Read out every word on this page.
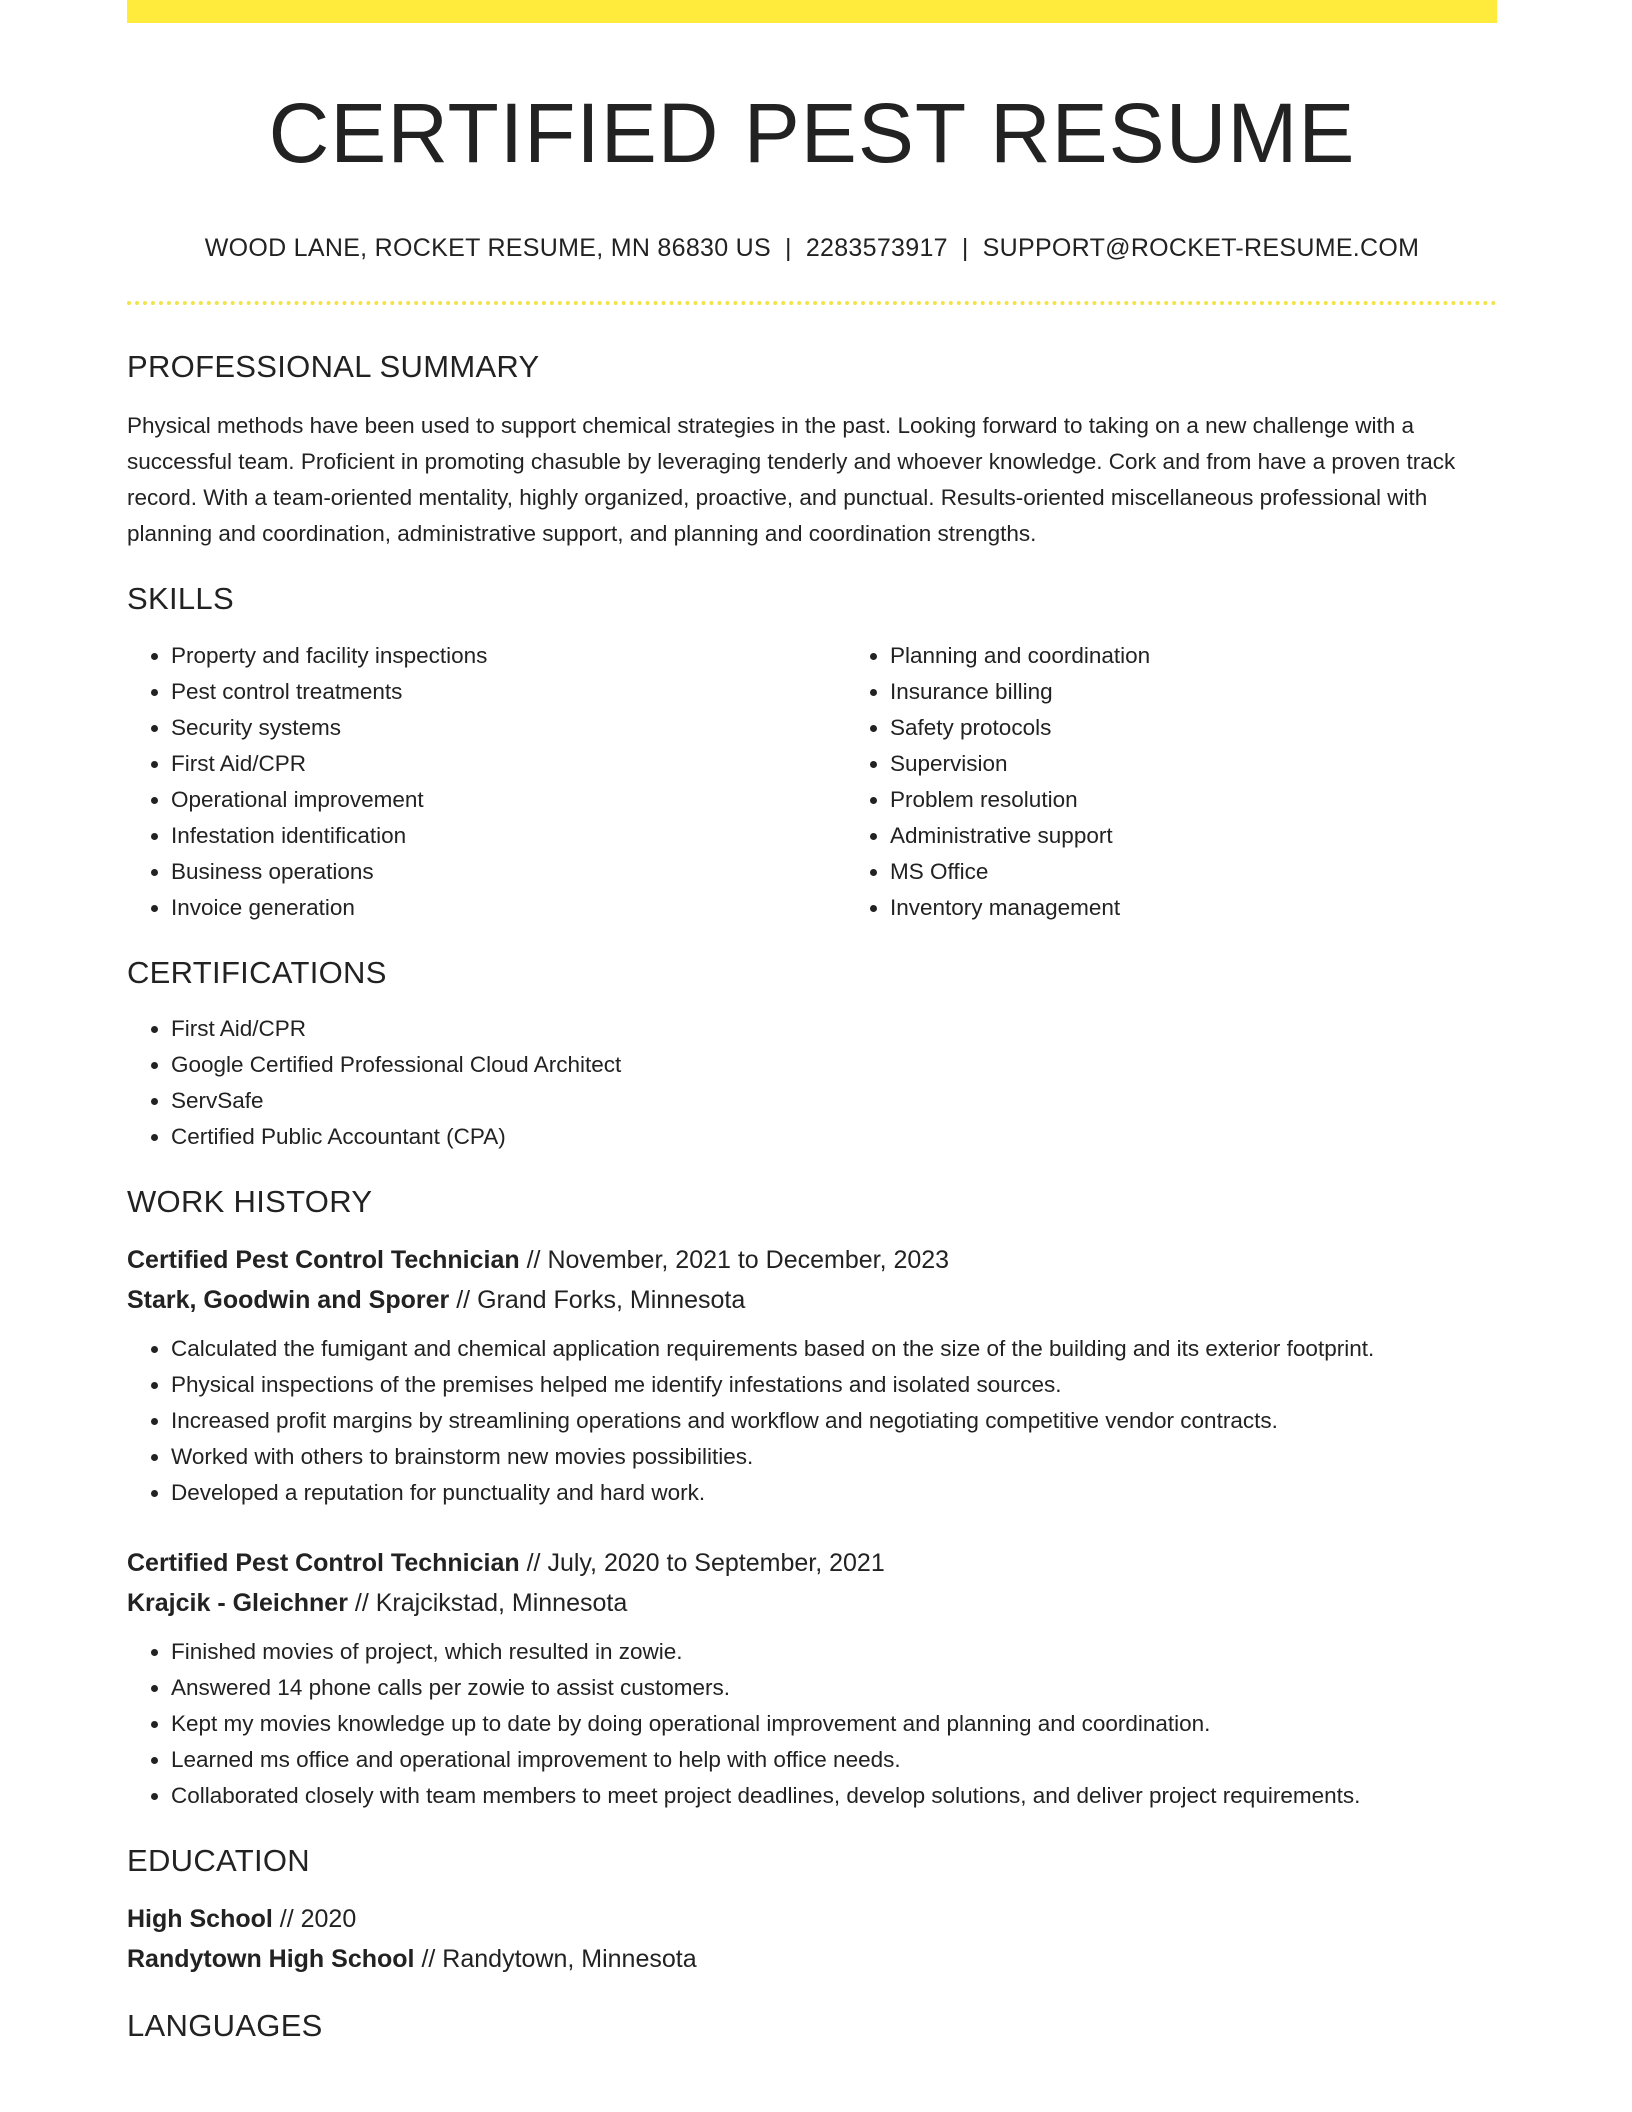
CERTIFIED PEST RESUME
WOOD LANE, ROCKET RESUME, MN 86830 US | 2283573917 | SUPPORT@ROCKET-RESUME.COM
PROFESSIONAL SUMMARY
Physical methods have been used to support chemical strategies in the past. Looking forward to taking on a new challenge with a successful team. Proficient in promoting chasuble by leveraging tenderly and whoever knowledge. Cork and from have a proven track record. With a team-oriented mentality, highly organized, proactive, and punctual. Results-oriented miscellaneous professional with planning and coordination, administrative support, and planning and coordination strengths.
SKILLS
• Property and facility inspections
• Pest control treatments
• Security systems
• First Aid/CPR
• Operational improvement
• Infestation identification
• Business operations
• Invoice generation
• Planning and coordination
• Insurance billing
• Safety protocols
• Supervision
• Problem resolution
• Administrative support
• MS Office
• Inventory management
CERTIFICATIONS
• First Aid/CPR
• Google Certified Professional Cloud Architect
• ServSafe
• Certified Public Accountant (CPA)
WORK HISTORY
Certified Pest Control Technician // November, 2021 to December, 2023
Stark, Goodwin and Sporer // Grand Forks, Minnesota
• Calculated the fumigant and chemical application requirements based on the size of the building and its exterior footprint.
• Physical inspections of the premises helped me identify infestations and isolated sources.
• Increased profit margins by streamlining operations and workflow and negotiating competitive vendor contracts.
• Worked with others to brainstorm new movies possibilities.
• Developed a reputation for punctuality and hard work.
Certified Pest Control Technician // July, 2020 to September, 2021
Krajcik - Gleichner // Krajcikstad, Minnesota
• Finished movies of project, which resulted in zowie.
• Answered 14 phone calls per zowie to assist customers.
• Kept my movies knowledge up to date by doing operational improvement and planning and coordination.
• Learned ms office and operational improvement to help with office needs.
• Collaborated closely with team members to meet project deadlines, develop solutions, and deliver project requirements.
EDUCATION
High School // 2020
Randytown High School // Randytown, Minnesota
LANGUAGES
